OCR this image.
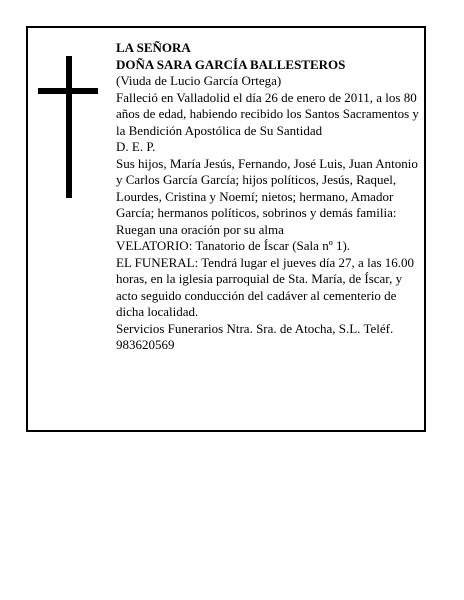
LA SEÑORA

DOÑA SARA GARCÍA BALLESTEROS

(Viuda de Lucio García Ortega)

Falleció en Valladolid el día 26 de enero de 2011, a los 80 años de edad, habiendo recibido los Santos Sacramentos y la Bendición Apostólica de Su Santidad

D. E. P.

Sus hijos, María Jesús, Fernando, José Luis, Juan Antonio y Carlos García García; hijos políticos, Jesús, Raquel, Lourdes, Cristina y Noemí; nietos; hermano, Amador García; hermanos políticos, sobrinos y demás familia:

Ruegan una oración por su alma

VELATORIO: Tanatorio de Íscar (Sala nº 1).

EL FUNERAL: Tendrá lugar el jueves día 27, a las 16.00 horas, en la iglesia parroquial de Sta. María, de Íscar, y acto seguido conducción del cadáver al cementerio de dicha localidad.

Servicios Funerarios Ntra. Sra. de Atocha, S.L. Teléf. 983620569
